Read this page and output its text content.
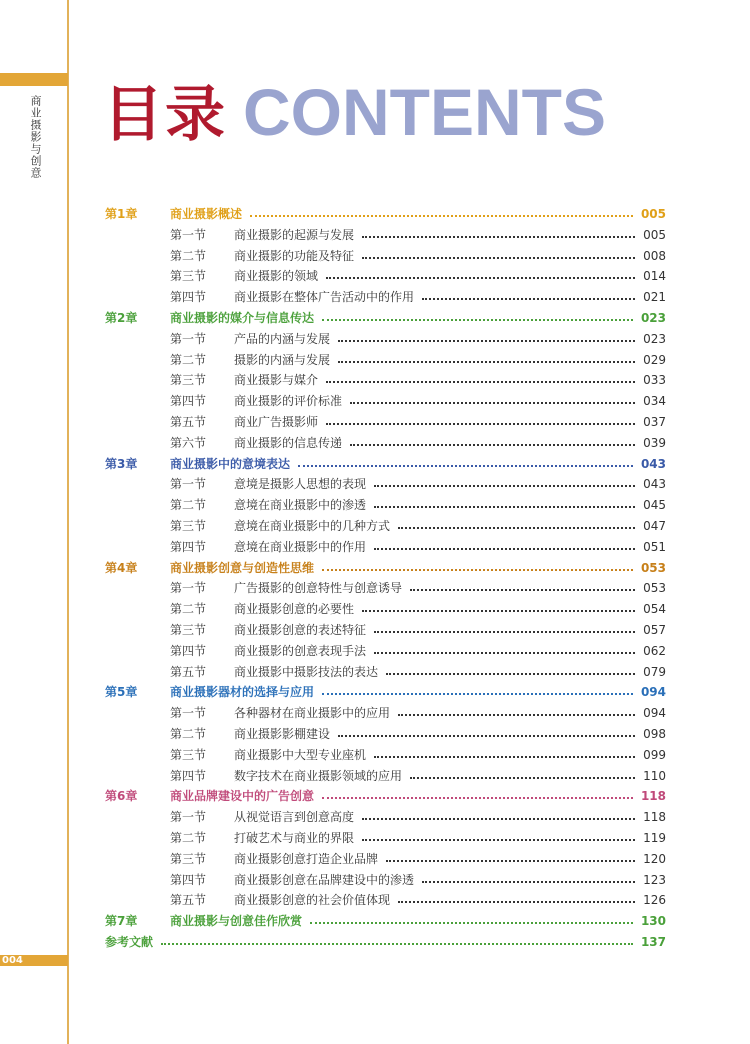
商业摄影与创意
004
目录 CONTENTS
第1章	商业摄影概述	005
第一节 商业摄影的起源与发展	005
第二节 商业摄影的功能及特征	008
第三节 商业摄影的领域	014
第四节 商业摄影在整体广告活动中的作用	021
第2章	商业摄影的媒介与信息传达	023
第一节 产品的内涵与发展	023
第二节 摄影的内涵与发展	029
第三节 商业摄影与媒介	033
第四节 商业摄影的评价标准	034
第五节 商业广告摄影师	037
第六节 商业摄影的信息传递	039
第3章	商业摄影中的意境表达	043
第一节 意境是摄影人思想的表现	043
第二节 意境在商业摄影中的渗透	045
第三节 意境在商业摄影中的几种方式	047
第四节 意境在商业摄影中的作用	051
第4章	商业摄影创意与创造性思维	053
第一节 广告摄影的创意特性与创意诱导	053
第二节 商业摄影创意的必要性	054
第三节 商业摄影创意的表述特征	057
第四节 商业摄影的创意表现手法	062
第五节 商业摄影中摄影技法的表达	079
第5章	商业摄影器材的选择与应用	094
第一节 各种器材在商业摄影中的应用	094
第二节 商业摄影影棚建设	098
第三节 商业摄影中大型专业座机	099
第四节 数字技术在商业摄影领域的应用	110
第6章	商业品牌建设中的广告创意	118
第一节 从视觉语言到创意高度	118
第二节 打破艺术与商业的界限	119
第三节 商业摄影创意打造企业品牌	120
第四节 商业摄影创意在品牌建设中的渗透	123
第五节 商业摄影创意的社会价值体现	126
第7章	商业摄影与创意佳作欣赏	130
参考文献	137
